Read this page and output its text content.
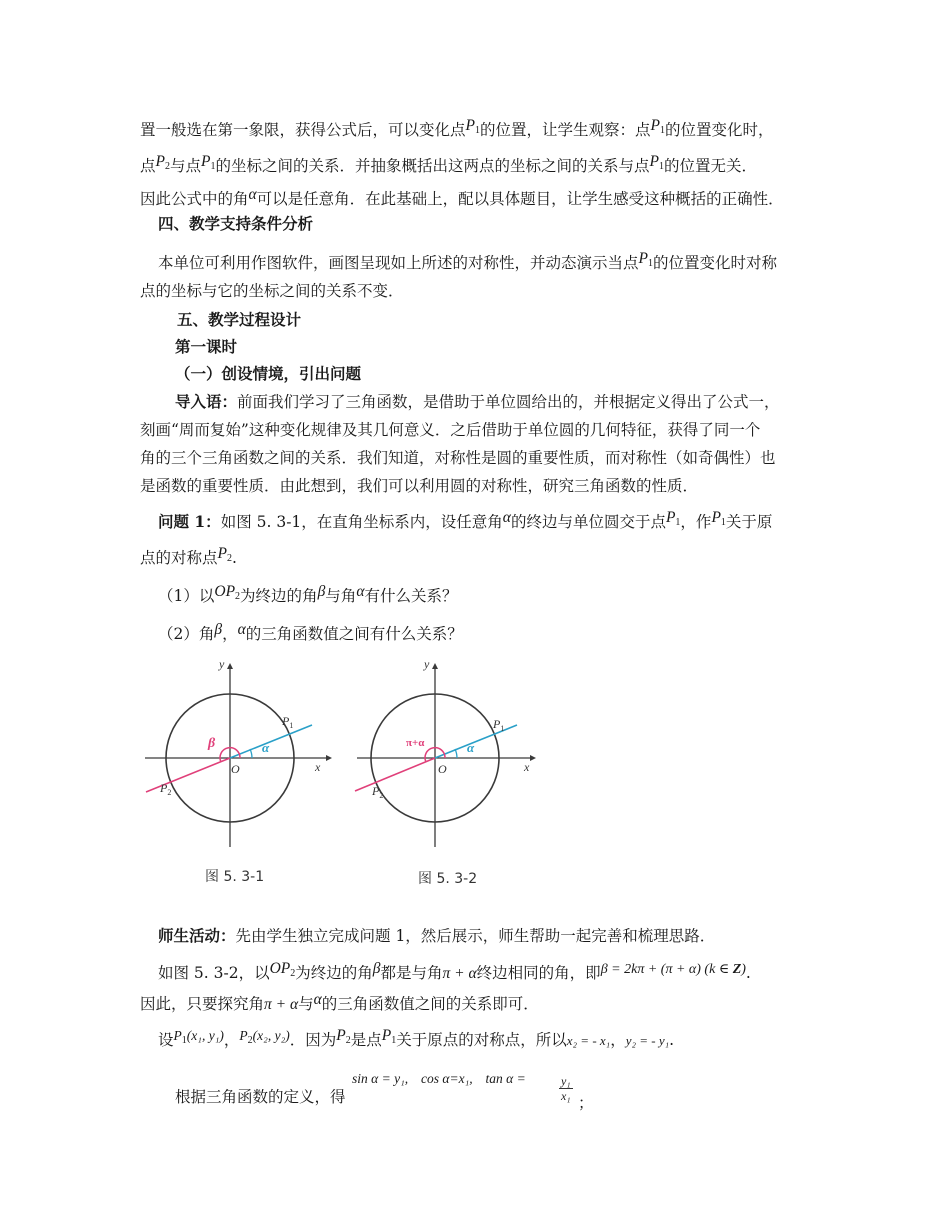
置一般选在第一象限，获得公式后，可以变化点$P_1$的位置，让学生观察：点$P_1$的位置变化时，
点$P_2$与点$P_1$的坐标之间的关系．并抽象概括出这两点的坐标之间的关系与点$P_1$的位置无关．
因此公式中的角α可以是任意角．在此基础上，配以具体题目，让学生感受这种概括的正确性．
四、教学支持条件分析
本单位可利用作图软件，画图呈现如上所述的对称性，并动态演示当点$P_1$的位置变化时对称
点的坐标与它的坐标之间的关系不变．
五、教学过程设计
第一课时
（一）创设情境，引出问题
导入语：前面我们学习了三角函数，是借助于单位圆给出的，并根据定义得出了公式一，
刻画“周而复始”这种变化规律及其几何意义．之后借助于单位圆的几何特征，获得了同一个
角的三个三角函数之间的关系．我们知道，对称性是圆的重要性质，而对称性（如奇偶性）也
是函数的重要性质．由此想到，我们可以利用圆的对称性，研究三角函数的性质．
问题 1：如图 5. 3-1，在直角坐标系内，设任意角α的终边与单位圆交于点$P_1$，作$P_1$关于原
点的对称点$P_2$.
（1）以$OP_2$为终边的角β与角α有什么关系？
（2）角β，α的三角函数值之间有什么关系？
α
β
y
x
O
$P_1$
$P_2$
图 5. 3-1
α
π+α
y
x
O
$P_1$
$P_2$
图 5. 3-2
师生活动：先由学生独立完成问题 1，然后展示，师生帮助一起完善和梳理思路．
如图 5. 3-2，以$OP_2$为终边的角β都是与角π + α终边相同的角，即β = 2kπ + (π + α) (k ∈ Z).
因此，只要探究角π + α与α的三角函数值之间的关系即可．
设$P_1(x_1$, y₁)，$P_2(x_2$, y₂)．因为$P_2$是点$P_1$关于原点的对称点，所以x₂ = - x₁，y₂ = - y₁.
sin α = y₁, cos α=x₁, tan α =	$\frac{\text{y₁}}{\text{x₁}}$
根据三角函数的定义，得	；
